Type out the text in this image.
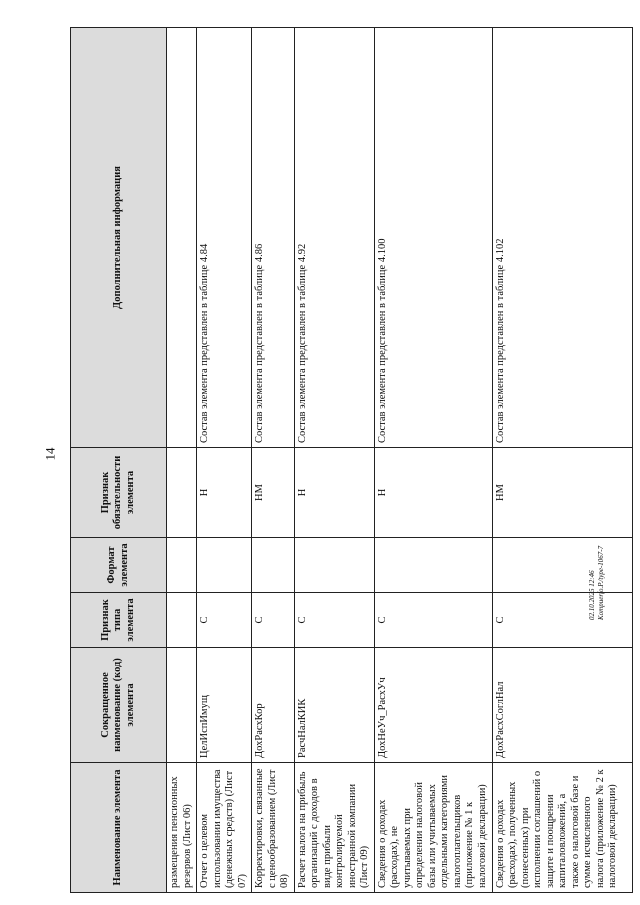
14
Наименование элемента	Сокращенное наименование (код) элемента	Признак типа элемента	Формат элемента	Признак обязательности элемента	Дополнительная информация
размещения пенсионных резервов (Лист 06)					
Отчет о целевом использовании имущества (денежных средств) (Лист 07)	ЦелИспИмущ	С		Н	Состав элемента представлен в таблице 4.84
Корректировки, связанные с ценообразованием (Лист 08)	ДохРасхКор	С		НМ	Состав элемента представлен в таблице 4.86
Расчет налога на прибыль организаций с доходов в виде прибыли контролируемой иностранной компании (Лист 09)	РасчНалКИК	С		Н	Состав элемента представлен в таблице 4.92
Сведения о доходах (расходах), не учитываемых при определении налоговой базы или учитываемых отдельными категориями налогоплательщиков (приложение № 1 к налоговой декларации)	ДохНеУч_РасхУч	С		Н	Состав элемента представлен в таблице 4.100
Сведения о доходах (расходах), полученных (понесенных) при исполнении соглашений о защите и поощрении капиталовложений, а также о налоговой базе и сумме исчисленного налога (приложение № 2 к налоговой декларации)	ДохРасхСоглНал	С		НМ	Состав элемента представлен в таблице 4.102
02.10.2025 12:46 Kompuerfo.P./type-1067-7
